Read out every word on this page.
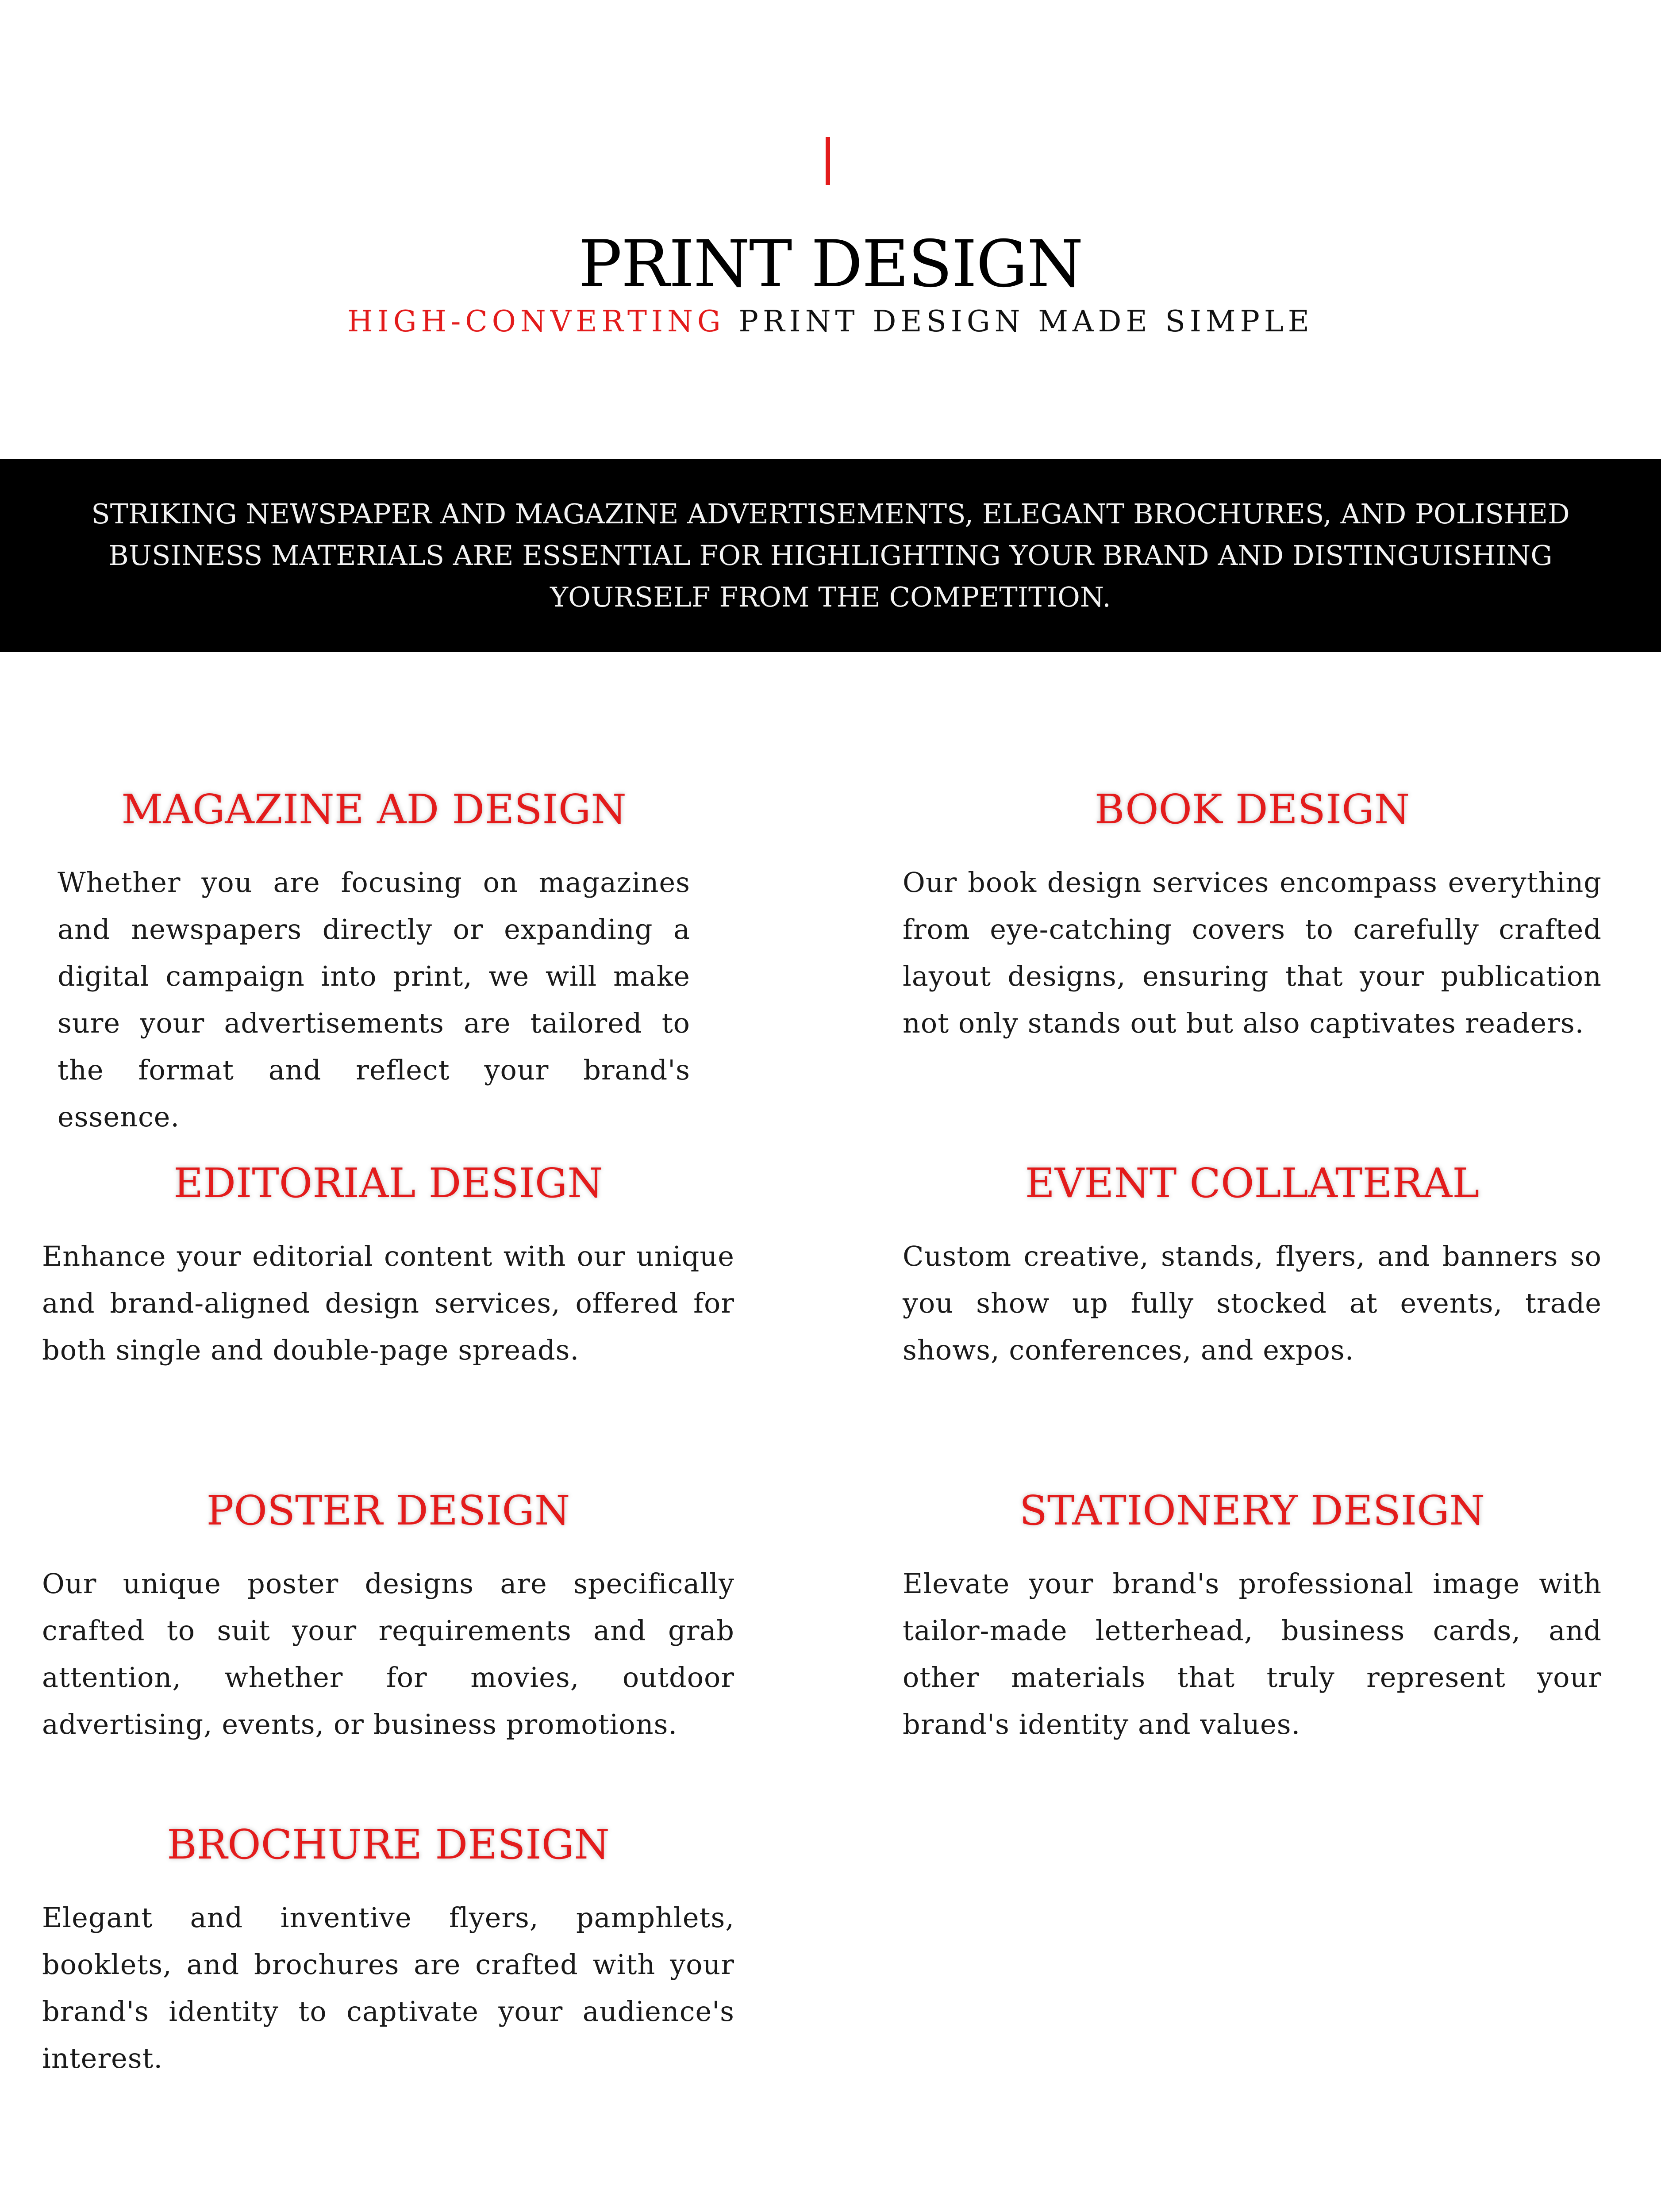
PRINT DESIGN
HIGH-CONVERTING PRINT DESIGN MADE SIMPLE

STRIKING NEWSPAPER AND MAGAZINE ADVERTISEMENTS, ELEGANT BROCHURES, AND POLISHED BUSINESS MATERIALS ARE ESSENTIAL FOR HIGHLIGHTING YOUR BRAND AND DISTINGUISHING YOURSELF FROM THE COMPETITION.

MAGAZINE AD DESIGN

Whether you are focusing on magazines and newspapers directly or expanding a digital campaign into print, we will make sure your advertisements are tailored to the format and reflect your brand's essence.

BOOK DESIGN

Our book design services encompass everything from eye-catching covers to carefully crafted layout designs, ensuring that your publication not only stands out but also captivates readers.

EDITORIAL DESIGN

Enhance your editorial content with our unique and brand-aligned design services, offered for both single and double-page spreads.

EVENT COLLATERAL

Custom creative, stands, flyers, and banners so you show up fully stocked at events, trade shows, conferences, and expos.

POSTER DESIGN

Our unique poster designs are specifically crafted to suit your requirements and grab attention, whether for movies, outdoor advertising, events, or business promotions.

STATIONERY DESIGN

Elevate your brand's professional image with tailor-made letterhead, business cards, and other materials that truly represent your brand's identity and values.

BROCHURE DESIGN

Elegant and inventive flyers, pamphlets, booklets, and brochures are crafted with your brand's identity to captivate your audience's interest.
